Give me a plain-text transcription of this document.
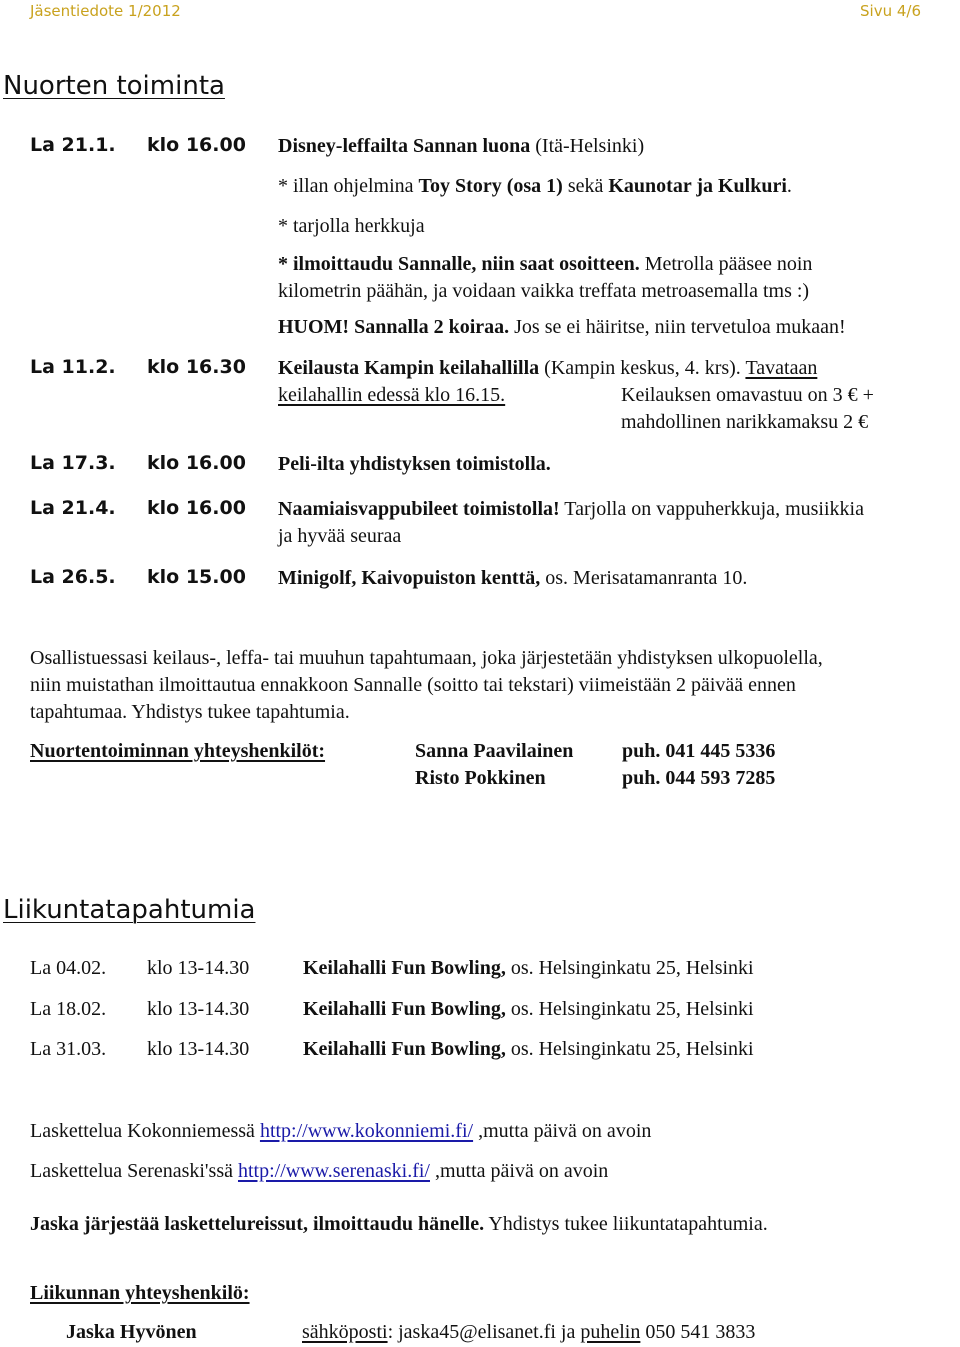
Jäsentiedote 1/2012	Sivu 4/6
Nuorten toiminta
La 21.1. klo 16.00 Disney-leffailta Sannan luona (Itä-Helsinki)
* illan ohjelmina Toy Story (osa 1) sekä Kaunotar ja Kulkuri.
* tarjolla herkkuja
* ilmoittaudu Sannalle, niin saat osoitteen. Metrolla pääsee noin
kilometrin päähän, ja voidaan vaikka treffata metroasemalla tms :)
HUOM! Sannalla 2 koiraa. Jos se ei häiritse, niin tervetuloa mukaan!
La 11.2. klo 16.30 Keilausta Kampin keilahallilla (Kampin keskus, 4. krs). Tavataan
keilahallin edessä klo 16.15.	Keilauksen omavastuu on 3 € +
mahdollinen narikkamaksu 2 €
La 17.3. klo 16.00 Peli-ilta yhdistyksen toimistolla.
La 21.4. klo 16.00 Naamiaisvappubileet toimistolla! Tarjolla on vappuherkkuja, musiikkia
ja hyvää seuraa
La 26.5. klo 15.00 Minigolf, Kaivopuiston kenttä, os. Merisatamanranta 10.
Osallistuessasi keilaus-, leffa- tai muuhun tapahtumaan, joka järjestetään yhdistyksen ulkopuolella,
niin muistathan ilmoittautua ennakkoon Sannalle (soitto tai tekstari) viimeistään 2 päivää ennen
tapahtumaa. Yhdistys tukee tapahtumia.
Nuortentoiminnan yhteyshenkilöt:	Sanna Paavilainen puh. 041 445 5336
Risto Pokkinen	puh. 044 593 7285
Liikuntatapahtumia
La 04.02. klo 13-14.30	Keilahalli Fun Bowling, os. Helsinginkatu 25, Helsinki
La 18.02. klo 13-14.30	Keilahalli Fun Bowling, os. Helsinginkatu 25, Helsinki
La 31.03. klo 13-14.30	Keilahalli Fun Bowling, os. Helsinginkatu 25, Helsinki
Laskettelua Kokonniemessä http://www.kokonniemi.fi/ ,mutta päivä on avoin
Laskettelua Serenaski'ssä http://www.serenaski.fi/ ,mutta päivä on avoin
Jaska järjestää laskettelureissut, ilmoittaudu hänelle. Yhdistys tukee liikuntatapahtumia.
Liikunnan yhteyshenkilö:
Jaska Hyvönen	sähköposti: jaska45@elisanet.fi ja puhelin 050 541 3833
